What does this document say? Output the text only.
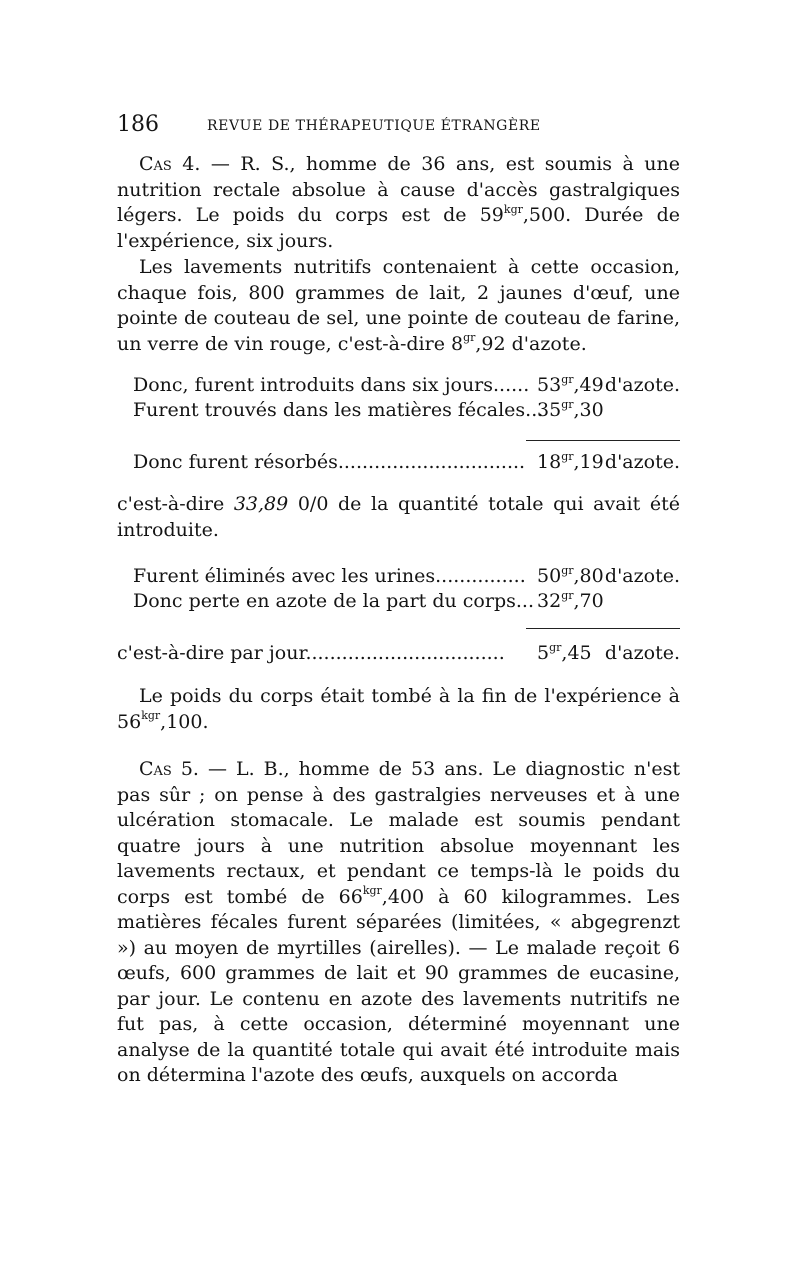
186	REVUE DE THÉRAPEUTIQUE ÉTRANGÈRE

Cas 4. — R. S., homme de 36 ans, est soumis à une nutrition rectale absolue à cause d'accès gastralgiques légers. Le poids du corps est de $59^{kgr},500$. Durée de l'expérience, six jours.

Les lavements nutritifs contenaient à cette occasion, chaque fois, 800 grammes de lait, 2 jaunes d'œuf, une pointe de couteau de sel, une pointe de couteau de farine, un verre de vin rouge, c'est-à-dire $8^{gr},92$ d'azote.

Donc, furent introduits dans six jours...... $53^{gr},49$ d'azote.
Furent trouvés dans les matières fécales...
$35^{gr},30$
Donc furent résorbés............................... $18^{gr},19$ d'azote.

c'est-à-dire 33,89 0/0 de la quantité totale qui avait été introduite.

Furent éliminés avec les urines............... $50^{gr},80$ d'azote.
Donc perte en azote de la part du corps... $32^{gr},70$
c'est-à-dire par jour................................. $5^{gr},45$ d'azote.

Le poids du corps était tombé à la fin de l'expérience à $56^{kgr},100$.

Cas 5. — L. B., homme de 53 ans. Le diagnostic n'est pas sûr ; on pense à des gastralgies nerveuses et à une ulcération stomacale. Le malade est soumis pendant quatre jours à une nutrition absolue moyennant les lavements rectaux, et pendant ce temps-là le poids du corps est tombé de $66^{kgr},400$ à 60 kilogrammes. Les matières fécales furent séparées (limitées, « abgegrenzt ») au moyen de myrtilles (airelles). — Le malade reçoit 6 œufs, 600 grammes de lait et 90 grammes de eucasine, par jour. Le contenu en azote des lavements nutritifs ne fut pas, à cette occasion, déterminé moyennant une analyse de la quantité totale qui avait été introduite mais on détermina l'azote des œufs, auxquels on accorda
